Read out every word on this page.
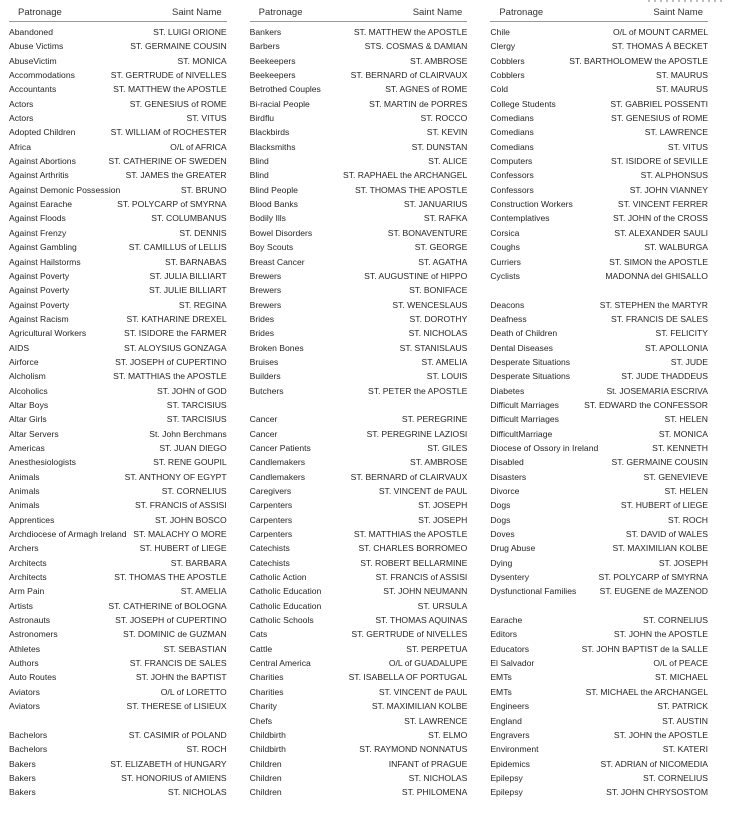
Patronage	Saint Name
Abandoned	ST. LUIGI ORIONE
Abuse Victims	ST. GERMAINE COUSIN
AbuseVictim	ST. MONICA
Accommodations	ST. GERTRUDE of NIVELLES
Accountants	ST. MATTHEW the APOSTLE
Actors	ST. GENESIUS of ROME
Actors	ST. VITUS
Adopted Children	ST. WILLIAM of ROCHESTER
Africa	O/L of AFRICA
Against Abortions	ST. CATHERINE OF SWEDEN
Against Arthritis	ST. JAMES the GREATER
Against Demonic Possession	ST. BRUNO
Against Earache	ST. POLYCARP of SMYRNA
Against Floods	ST. COLUMBANUS
Against Frenzy	ST. DENNIS
Against Gambling	ST. CAMILLUS of LELLIS
Against Hailstorms	ST. BARNABAS
Against Poverty	ST. JULIA BILLIART
Against Poverty	ST. JULIE BILLIART
Against Poverty	ST. REGINA
Against Racism	ST. KATHARINE DREXEL
Agricultural Workers	ST. ISIDORE the FARMER
AIDS	ST. ALOYSIUS GONZAGA
Airforce	ST. JOSEPH of CUPERTINO
Alcholism	ST. MATTHIAS the APOSTLE
Alcoholics	ST. JOHN of GOD
Altar Boys	ST. TARCISIUS
Altar Girls	ST. TARCISIUS
Altar Servers	St. John Berchmans
Americas	ST. JUAN DIEGO
Anesthesiologists	ST. RENE GOUPIL
Animals	ST. ANTHONY OF EGYPT
Animals	ST. CORNELIUS
Animals	ST. FRANCIS of ASSISI
Apprentices	ST. JOHN BOSCO
Archdiocese of Armagh Ireland ST. MALACHY O MORE
Archers	ST. HUBERT of LIEGE
Architects	ST. BARBARA
Architects	ST. THOMAS THE APOSTLE
Arm Pain	ST. AMELIA
Artists	ST. CATHERINE of BOLOGNA
Astronauts	ST. JOSEPH of CUPERTINO
Astronomers	ST. DOMINIC de GUZMAN
Athletes	ST. SEBASTIAN
Authors	ST. FRANCIS DE SALES
Auto Routes	ST. JOHN the BAPTIST
Aviators	O/L of LORETTO
Aviators	ST. THERESE of LISIEUX
Bachelors	ST. CASIMIR of POLAND
Bachelors	ST. ROCH
Bakers	ST. ELIZABETH of HUNGARY
Bakers	ST. HONORIUS of AMIENS
Bakers	ST. NICHOLAS
Patronage	Saint Name
Bankers	ST. MATTHEW the APOSTLE
Barbers	STS. COSMAS & DAMIAN
Beekeepers	ST. AMBROSE
Beekeepers	ST. BERNARD of CLAIRVAUX
Betrothed Couples	ST. AGNES of ROME
Bi-racial People	ST. MARTIN de PORRES
Birdflu	ST. ROCCO
Blackbirds	ST. KEVIN
Blacksmiths	ST. DUNSTAN
Blind	ST. ALICE
Blind	ST. RAPHAEL the ARCHANGEL
Blind People	ST. THOMAS THE APOSTLE
Blood Banks	ST. JANUARIUS
Bodily Ills	ST. RAFKA
Bowel Disorders	ST. BONAVENTURE
Boy Scouts	ST. GEORGE
Breast Cancer	ST. AGATHA
Brewers	ST. AUGUSTINE of HIPPO
Brewers	ST. BONIFACE
Brewers	ST. WENCESLAUS
Brides	ST. DOROTHY
Brides	ST. NICHOLAS
Broken Bones	ST. STANISLAUS
Bruises	ST. AMELIA
Builders	ST. LOUIS
Butchers	ST. PETER the APOSTLE
Cancer	ST. PEREGRINE
Cancer	ST. PEREGRINE LAZIOSI
Cancer Patients	ST. GILES
Candlemakers	ST. AMBROSE
Candlemakers	ST. BERNARD of CLAIRVAUX
Caregivers	ST. VINCENT de PAUL
Carpenters	ST. JOSEPH
Carpenters	ST. JOSEPH
Carpenters	ST. MATTHIAS the APOSTLE
Catechists	ST. CHARLES BORROMEO
Catechists	ST. ROBERT BELLARMINE
Catholic Action	ST. FRANCIS of ASSISI
Catholic Education	ST. JOHN NEUMANN
Catholic Education	ST. URSULA
Catholic Schools	ST. THOMAS AQUINAS
Cats	ST. GERTRUDE of NIVELLES
Cattle	ST. PERPETUA
Central America	O/L of GUADALUPE
Charities	ST. ISABELLA OF PORTUGAL
Charities	ST. VINCENT de PAUL
Charity	ST. MAXIMILIAN KOLBE
Chefs	ST. LAWRENCE
Childbirth	ST. ELMO
Childbirth	ST. RAYMOND NONNATUS
Children	INFANT of PRAGUE
Children	ST. NICHOLAS
Children	ST. PHILOMENA
Patronage	Saint Name
Chile	O/L of MOUNT CARMEL
Clergy	ST. THOMAS Á BECKET
Cobblers	ST. BARTHOLOMEW the APOSTLE
Cobblers	ST. MAURUS
Cold	ST. MAURUS
College Students	ST. GABRIEL POSSENTI
Comedians	ST. GENESIUS of ROME
Comedians	ST. LAWRENCE
Comedians	ST. VITUS
Computers	ST. ISIDORE of SEVILLE
Confessors	ST. ALPHONSUS
Confessors	ST. JOHN VIANNEY
Construction Workers	ST. VINCENT FERRER
Contemplatives	ST. JOHN of the CROSS
Corsica	ST. ALEXANDER SAULI
Coughs	ST. WALBURGA
Curriers	ST. SIMON the APOSTLE
Cyclists	MADONNA del GHISALLO
Deacons	ST. STEPHEN the MARTYR
Deafness	ST. FRANCIS DE SALES
Death of Children	ST. FELICITY
Dental Diseases	ST. APOLLONIA
Desperate Situations	ST. JUDE
Desperate Situations	ST. JUDE THADDEUS
Diabetes	St. JOSEMARIA ESCRIVA
Difficult Marriages	ST. EDWARD the CONFESSOR
Difficult Marriages	ST. HELEN
DifficultMarriage	ST. MONICA
Diocese of Ossory in Ireland	ST. KENNETH
Disabled	ST. GERMAINE COUSIN
Disasters	ST. GENEVIEVE
Divorce	ST. HELEN
Dogs	ST. HUBERT of LIEGE
Dogs	ST. ROCH
Doves	ST. DAVID of WALES
Drug Abuse	ST. MAXIMILIAN KOLBE
Dying	ST. JOSEPH
Dysentery	ST. POLYCARP of SMYRNA
Dysfunctional Families	ST. EUGENE de MAZENOD
Earache	ST. CORNELIUS
Editors	ST. JOHN the APOSTLE
Educators	ST. JOHN BAPTIST de la SALLE
El Salvador	O/L of PEACE
EMTs	ST. MICHAEL
EMTs	ST. MICHAEL the ARCHANGEL
Engineers	ST. PATRICK
England	ST. AUSTIN
Engravers	ST. JOHN the APOSTLE
Environment	ST. KATERI
Epidemics	ST. ADRIAN of NICOMEDIA
Epilepsy	ST. CORNELIUS
Epilepsy	ST. JOHN CHRYSOSTOM
